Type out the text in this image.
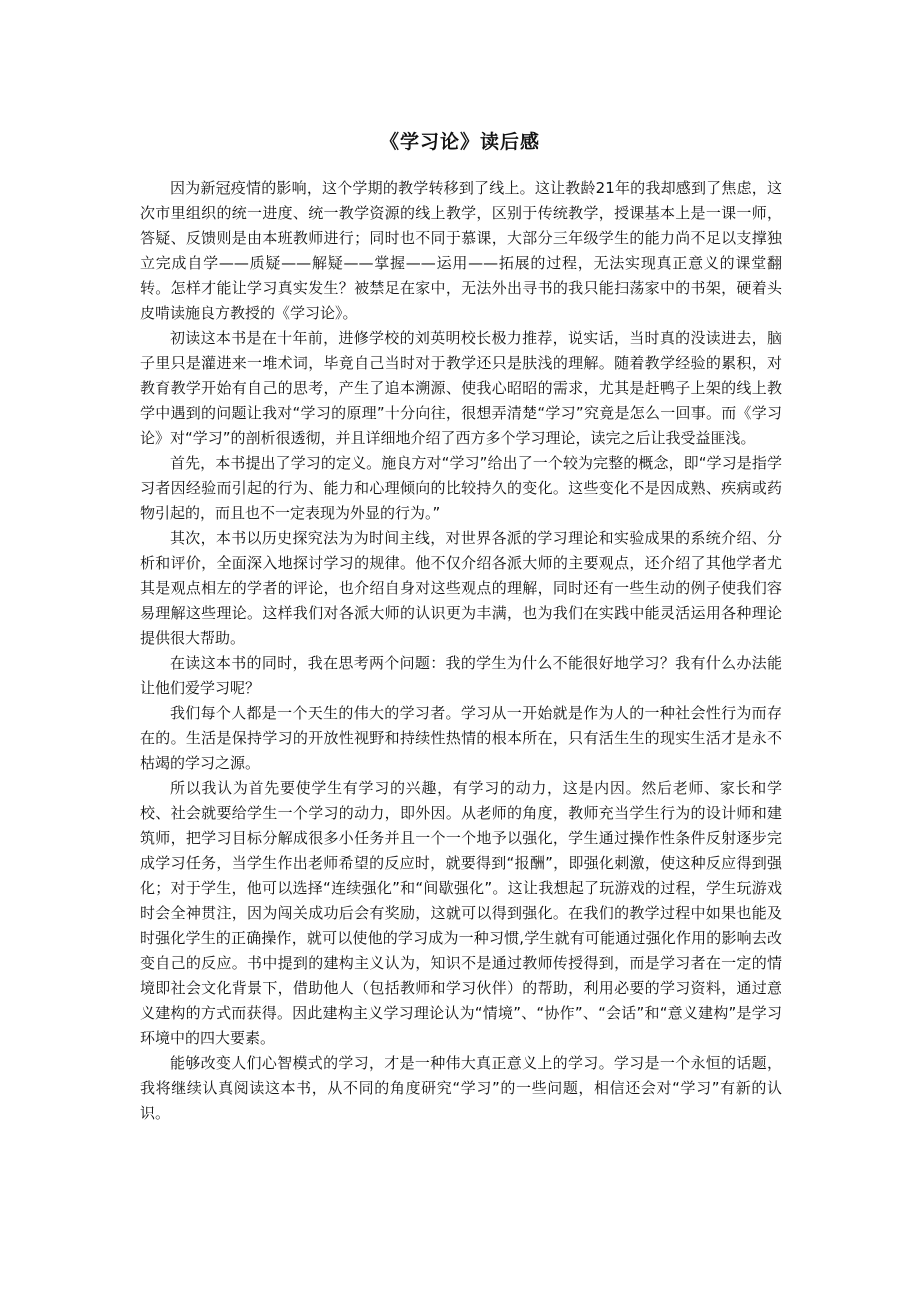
《学习论》读后感

因为新冠疫情的影响，这个学期的教学转移到了线上。这让教龄21年的我却感到了焦虑，这次市里组织的统一进度、统一教学资源的线上教学，区别于传统教学，授课基本上是一课一师，答疑、反馈则是由本班教师进行；同时也不同于慕课，大部分三年级学生的能力尚不足以支撑独立完成自学——质疑——解疑——掌握——运用——拓展的过程，无法实现真正意义的课堂翻转。怎样才能让学习真实发生？被禁足在家中，无法外出寻书的我只能扫荡家中的书架，硬着头皮啃读施良方教授的《学习论》。

初读这本书是在十年前，进修学校的刘英明校长极力推荐，说实话，当时真的没读进去，脑子里只是灌进来一堆术词，毕竟自己当时对于教学还只是肤浅的理解。随着教学经验的累积，对教育教学开始有自己的思考，产生了追本溯源、使我心昭昭的需求，尤其是赶鸭子上架的线上教学中遇到的问题让我对“学习的原理”十分向往，很想弄清楚“学习”究竟是怎么一回事。而《学习论》对“学习”的剖析很透彻，并且详细地介绍了西方多个学习理论，读完之后让我受益匪浅。

首先，本书提出了学习的定义。施良方对“学习”给出了一个较为完整的概念，即“学习是指学习者因经验而引起的行为、能力和心理倾向的比较持久的变化。这些变化不是因成熟、疾病或药物引起的，而且也不一定表现为外显的行为。”

其次，本书以历史探究法为为时间主线，对世界各派的学习理论和实验成果的系统介绍、分析和评价，全面深入地探讨学习的规律。他不仅介绍各派大师的主要观点，还介绍了其他学者尤其是观点相左的学者的评论，也介绍自身对这些观点的理解，同时还有一些生动的例子使我们容易理解这些理论。这样我们对各派大师的认识更为丰满，也为我们在实践中能灵活运用各种理论提供很大帮助。

在读这本书的同时，我在思考两个问题：我的学生为什么不能很好地学习？我有什么办法能让他们爱学习呢？

我们每个人都是一个天生的伟大的学习者。学习从一开始就是作为人的一种社会性行为而存在的。生活是保持学习的开放性视野和持续性热情的根本所在，只有活生生的现实生活才是永不枯竭的学习之源。

所以我认为首先要使学生有学习的兴趣，有学习的动力，这是内因。然后老师、家长和学校、社会就要给学生一个学习的动力，即外因。从老师的角度，教师充当学生行为的设计师和建筑师，把学习目标分解成很多小任务并且一个一个地予以强化，学生通过操作性条件反射逐步完成学习任务，当学生作出老师希望的反应时，就要得到“报酬”，即强化刺激，使这种反应得到强化；对于学生，他可以选择“连续强化”和“间歇强化”。这让我想起了玩游戏的过程，学生玩游戏时会全神贯注，因为闯关成功后会有奖励，这就可以得到强化。在我们的教学过程中如果也能及时强化学生的正确操作，就可以使他的学习成为一种习惯,学生就有可能通过强化作用的影响去改变自己的反应。书中提到的建构主义认为，知识不是通过教师传授得到，而是学习者在一定的情境即社会文化背景下，借助他人（包括教师和学习伙伴）的帮助，利用必要的学习资料，通过意义建构的方式而获得。因此建构主义学习理论认为“情境”、“协作”、“会话”和“意义建构”是学习环境中的四大要素。

能够改变人们心智模式的学习，才是一种伟大真正意义上的学习。学习是一个永恒的话题，我将继续认真阅读这本书，从不同的角度研究“学习”的一些问题，相信还会对“学习”有新的认识。
